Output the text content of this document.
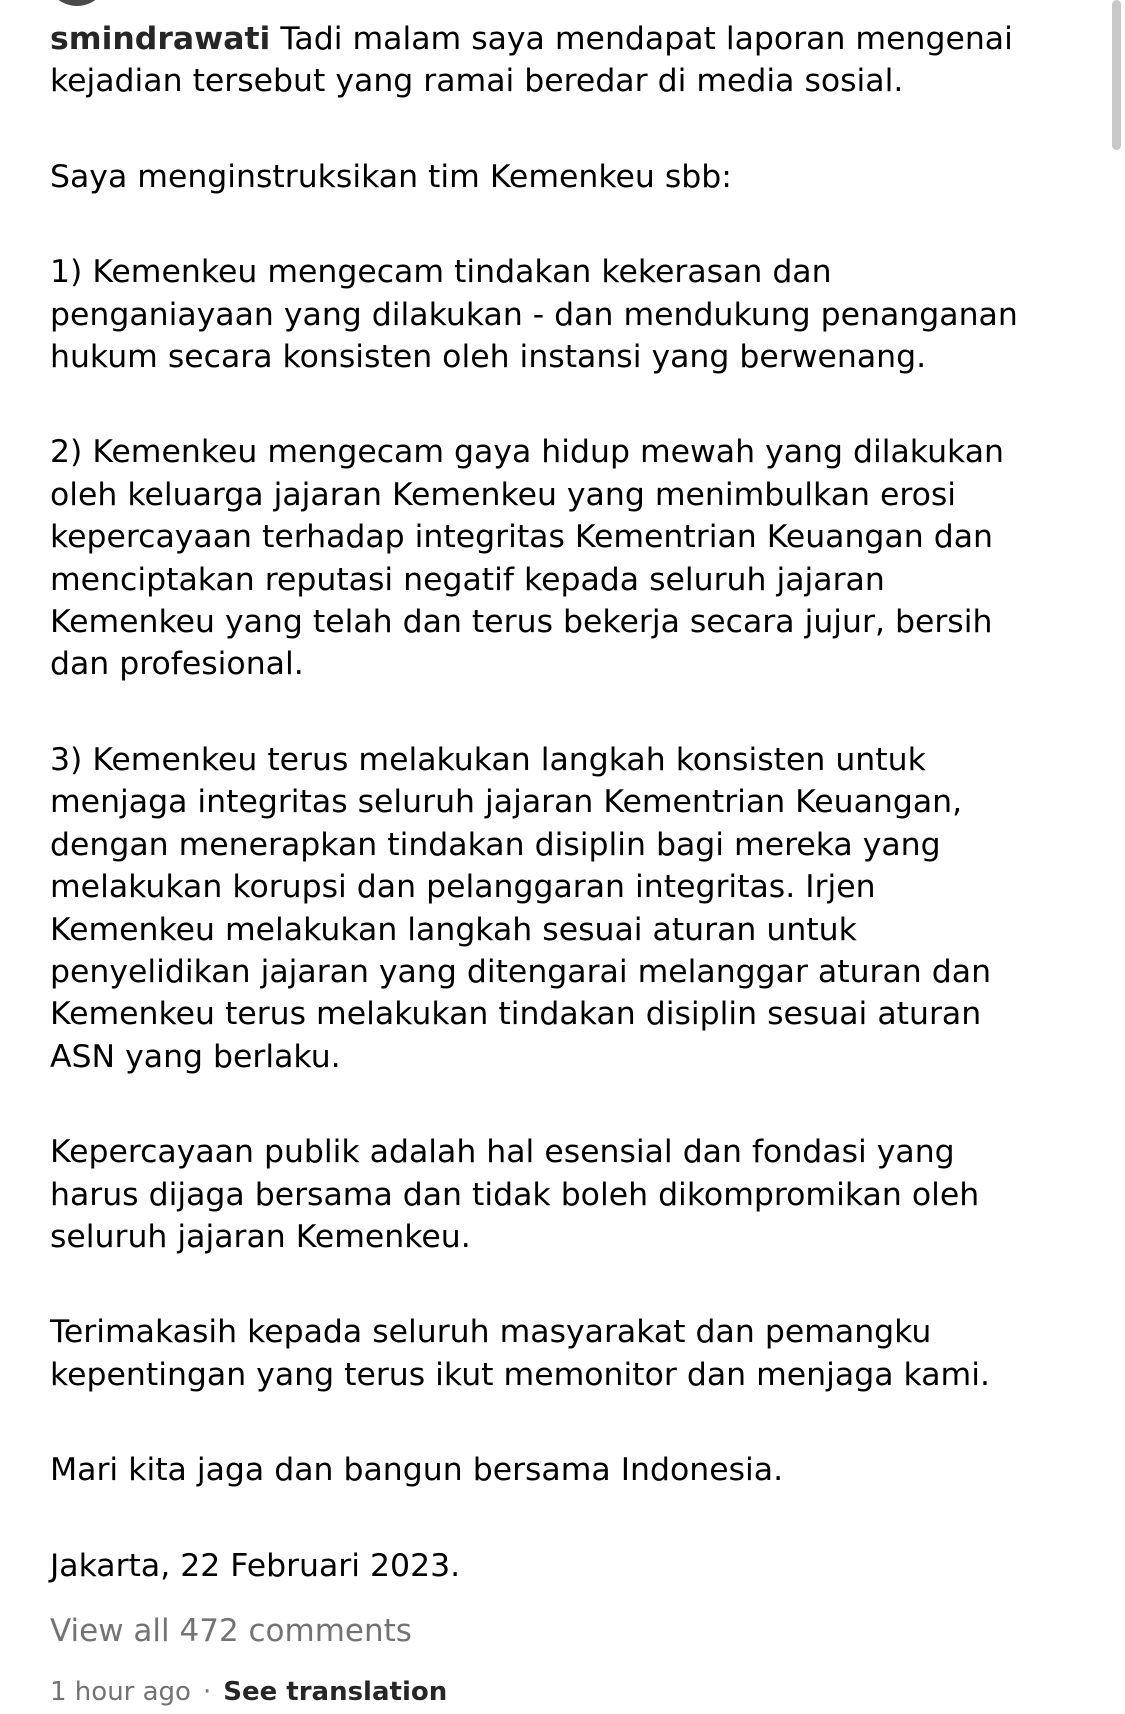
smindrawati Tadi malam saya mendapat laporan mengenai
kejadian tersebut yang ramai beredar di media sosial.
Saya menginstruksikan tim Kemenkeu sbb:
1) Kemenkeu mengecam tindakan kekerasan dan
penganiayaan yang dilakukan - dan mendukung penanganan
hukum secara konsisten oleh instansi yang berwenang.
2) Kemenkeu mengecam gaya hidup mewah yang dilakukan
oleh keluarga jajaran Kemenkeu yang menimbulkan erosi
kepercayaan terhadap integritas Kementrian Keuangan dan
menciptakan reputasi negatif kepada seluruh jajaran
Kemenkeu yang telah dan terus bekerja secara jujur, bersih
dan profesional.
3) Kemenkeu terus melakukan langkah konsisten untuk
menjaga integritas seluruh jajaran Kementrian Keuangan,
dengan menerapkan tindakan disiplin bagi mereka yang
melakukan korupsi dan pelanggaran integritas. Irjen
Kemenkeu melakukan langkah sesuai aturan untuk
penyelidikan jajaran yang ditengarai melanggar aturan dan
Kemenkeu terus melakukan tindakan disiplin sesuai aturan
ASN yang berlaku.
Kepercayaan publik adalah hal esensial dan fondasi yang
harus dijaga bersama dan tidak boleh dikompromikan oleh
seluruh jajaran Kemenkeu.
Terimakasih kepada seluruh masyarakat dan pemangku
kepentingan yang terus ikut memonitor dan menjaga kami.
Mari kita jaga dan bangun bersama Indonesia.
Jakarta, 22 Februari 2023.
View all 472 comments
1 hour ago · See translation
